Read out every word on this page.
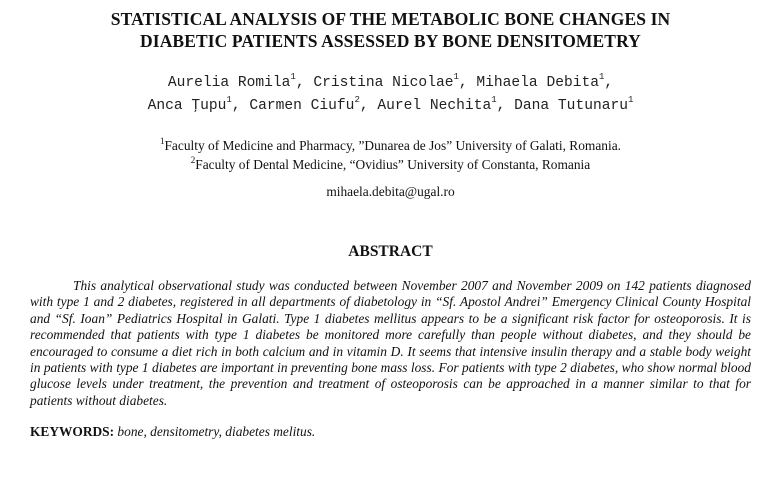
STATISTICAL ANALYSIS OF THE METABOLIC BONE CHANGES IN
DIABETIC PATIENTS ASSESSED BY BONE DENSITOMETRY
Aurelia Romila$^1$, Cristina Nicolae$^1$, Mihaela Debita$^1$,
Anca Ţupu$^1$, Carmen Ciufu$^2$, Aurel Nechita$^1$, Dana Tutunaru$^1$
$^1$Faculty of Medicine and Pharmacy, ”Dunarea de Jos” University of Galati, Romania.
$^2$Faculty of Dental Medicine, “Ovidius” University of Constanta, Romania
mihaela.debita@ugal.ro
ABSTRACT
This analytical observational study was conducted between November 2007 and November 2009 on 142 patients diagnosed with type 1 and 2 diabetes, registered in all departments of diabetology in “Sf. Apostol Andrei” Emergency Clinical County Hospital and “Sf. Ioan” Pediatrics Hospital in Galati. Type 1 diabetes mellitus appears to be a significant risk factor for osteoporosis. It is recommended that patients with type 1 diabetes be monitored more carefully than people without diabetes, and they should be encouraged to consume a diet rich in both calcium and in vitamin D. It seems that intensive insulin therapy and a stable body weight in patients with type 1 diabetes are important in preventing bone mass loss. For patients with type 2 diabetes, who show normal blood glucose levels under treatment, the prevention and treatment of osteoporosis can be approached in a manner similar to that for patients without diabetes.
KEYWORDS: bone, densitometry, diabetes melitus.
